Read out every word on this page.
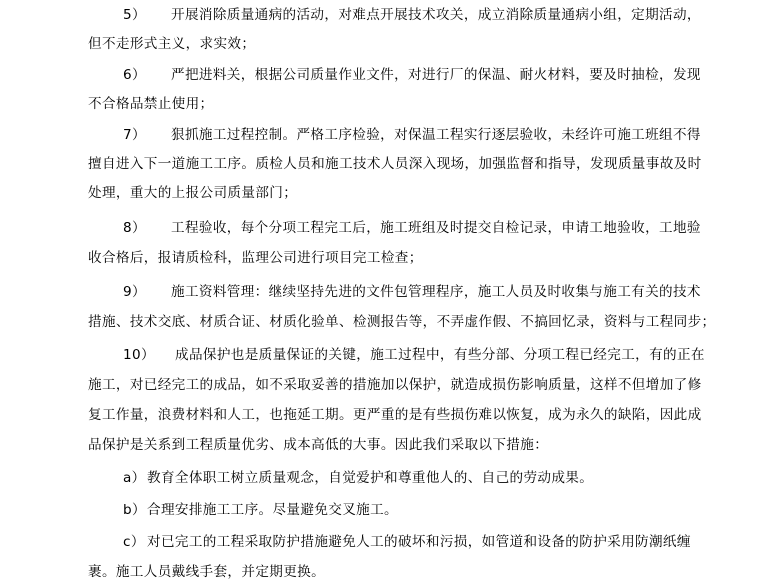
5） 开展消除质量通病的活动，对难点开展技术攻关，成立消除质量通病小组，定期活动，
但不走形式主义，求实效；
6） 严把进料关，根据公司质量作业文件，对进行厂的保温、耐火材料，要及时抽检，发现
不合格品禁止使用；
7） 狠抓施工过程控制。严格工序检验，对保温工程实行逐层验收，未经许可施工班组不得
擅自进入下一道施工工序。质检人员和施工技术人员深入现场，加强监督和指导，发现质量事故及时
处理，重大的上报公司质量部门；
8） 工程验收，每个分项工程完工后，施工班组及时提交自检记录，申请工地验收，工地验
收合格后，报请质检科，监理公司进行项目完工检查；
9） 施工资料管理：继续坚持先进的文件包管理程序，施工人员及时收集与施工有关的技术
措施、技术交底、材质合证、材质化验单、检测报告等，不弄虚作假、不搞回忆录，资料与工程同步；
10） 成品保护也是质量保证的关键，施工过程中，有些分部、分项工程已经完工，有的正在
施工，对已经完工的成品，如不采取妥善的措施加以保护，就造成损伤影响质量，这样不但增加了修
复工作量，浪费材料和人工，也拖延工期。更严重的是有些损伤难以恢复，成为永久的缺陷，因此成
品保护是关系到工程质量优劣、成本高低的大事。因此我们采取以下措施：
a）教育全体职工树立质量观念，自觉爱护和尊重他人的、自己的劳动成果。
b）合理安排施工工序。尽量避免交叉施工。
c） 对已完工的工程采取防护措施避免人工的破坏和污损，如管道和设备的防护采用防潮纸缠
裹。施工人员戴线手套，并定期更换。
